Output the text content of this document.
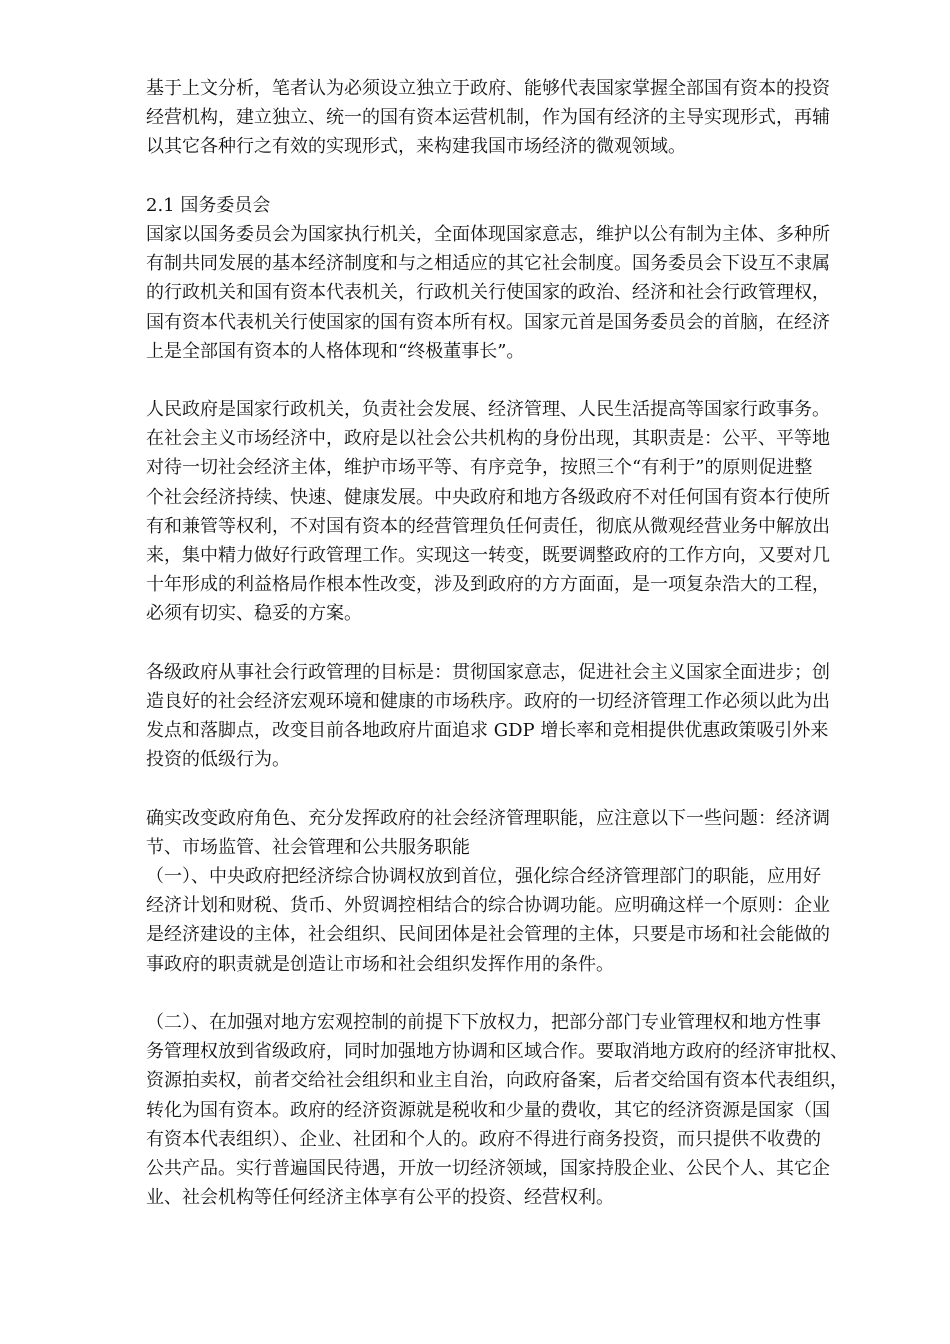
基于上文分析，笔者认为必须设立独立于政府、能够代表国家掌握全部国有资本的投资
经营机构，建立独立、统一的国有资本运营机制，作为国有经济的主导实现形式，再辅
以其它各种行之有效的实现形式，来构建我国市场经济的微观领域。
2.1 国务委员会
国家以国务委员会为国家执行机关，全面体现国家意志，维护以公有制为主体、多种所
有制共同发展的基本经济制度和与之相适应的其它社会制度。国务委员会下设互不隶属
的行政机关和国有资本代表机关，行政机关行使国家的政治、经济和社会行政管理权，
国有资本代表机关行使国家的国有资本所有权。国家元首是国务委员会的首脑，在经济
上是全部国有资本的人格体现和“终极董事长”。
人民政府是国家行政机关，负责社会发展、经济管理、人民生活提高等国家行政事务。
在社会主义市场经济中，政府是以社会公共机构的身份出现，其职责是：公平、平等地
对待一切社会经济主体，维护市场平等、有序竞争，按照三个“有利于”的原则促进整
个社会经济持续、快速、健康发展。中央政府和地方各级政府不对任何国有资本行使所
有和兼管等权利，不对国有资本的经营管理负任何责任，彻底从微观经营业务中解放出
来，集中精力做好行政管理工作。实现这一转变，既要调整政府的工作方向，又要对几
十年形成的利益格局作根本性改变，涉及到政府的方方面面，是一项复杂浩大的工程，
必须有切实、稳妥的方案。
各级政府从事社会行政管理的目标是：贯彻国家意志，促进社会主义国家全面进步；创
造良好的社会经济宏观环境和健康的市场秩序。政府的一切经济管理工作必须以此为出
发点和落脚点，改变目前各地政府片面追求 GDP 增长率和竞相提供优惠政策吸引外来
投资的低级行为。
确实改变政府角色、充分发挥政府的社会经济管理职能，应注意以下一些问题：经济调
节、市场监管、社会管理和公共服务职能
（一）、中央政府把经济综合协调权放到首位，强化综合经济管理部门的职能，应用好
经济计划和财税、货币、外贸调控相结合的综合协调功能。应明确这样一个原则：企业
是经济建设的主体，社会组织、民间团体是社会管理的主体，只要是市场和社会能做的
事政府的职责就是创造让市场和社会组织发挥作用的条件。
（二）、在加强对地方宏观控制的前提下下放权力，把部分部门专业管理权和地方性事
务管理权放到省级政府，同时加强地方协调和区域合作。要取消地方政府的经济审批权、
资源拍卖权，前者交给社会组织和业主自治，向政府备案，后者交给国有资本代表组织，
转化为国有资本。政府的经济资源就是税收和少量的费收，其它的经济资源是国家（国
有资本代表组织）、企业、社团和个人的。政府不得进行商务投资，而只提供不收费的
公共产品。实行普遍国民待遇，开放一切经济领域，国家持股企业、公民个人、其它企
业、社会机构等任何经济主体享有公平的投资、经营权利。
